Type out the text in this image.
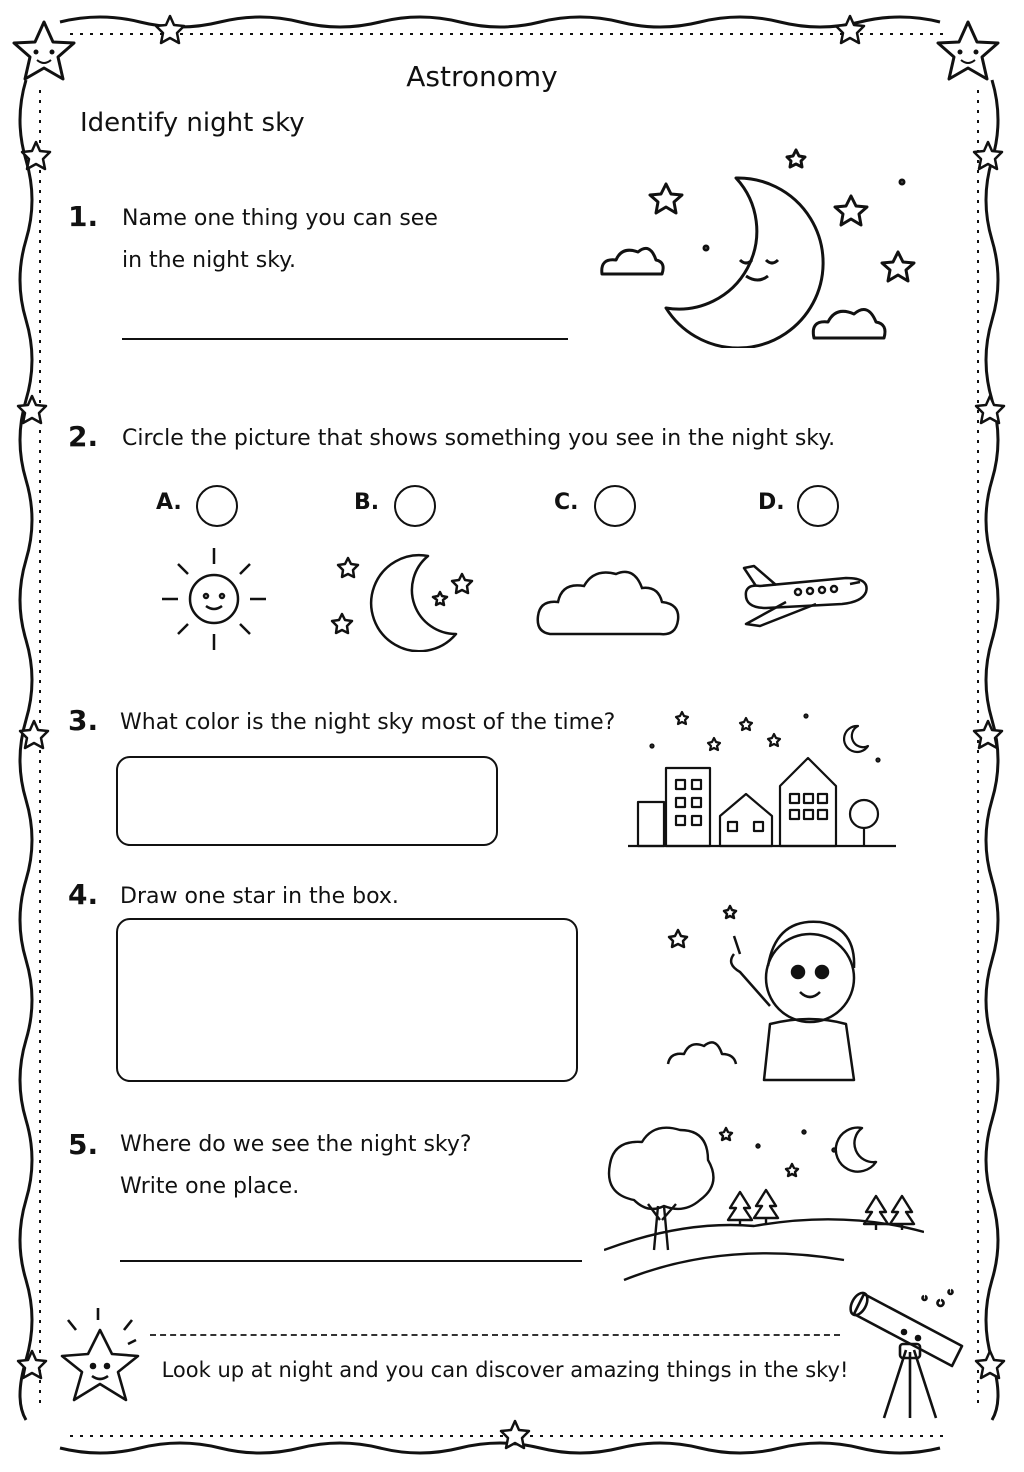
Astronomy
Identify night sky
1. Name one thing you can see
in the night sky.
2. Circle the picture that shows something you see in the night sky.
A.	B.	C.	D.
3. What color is the night sky most of the time?
4. Draw one star in the box.
5. Where do we see the night sky?
Write one place.
Look up at night and you can discover amazing things in the sky!
